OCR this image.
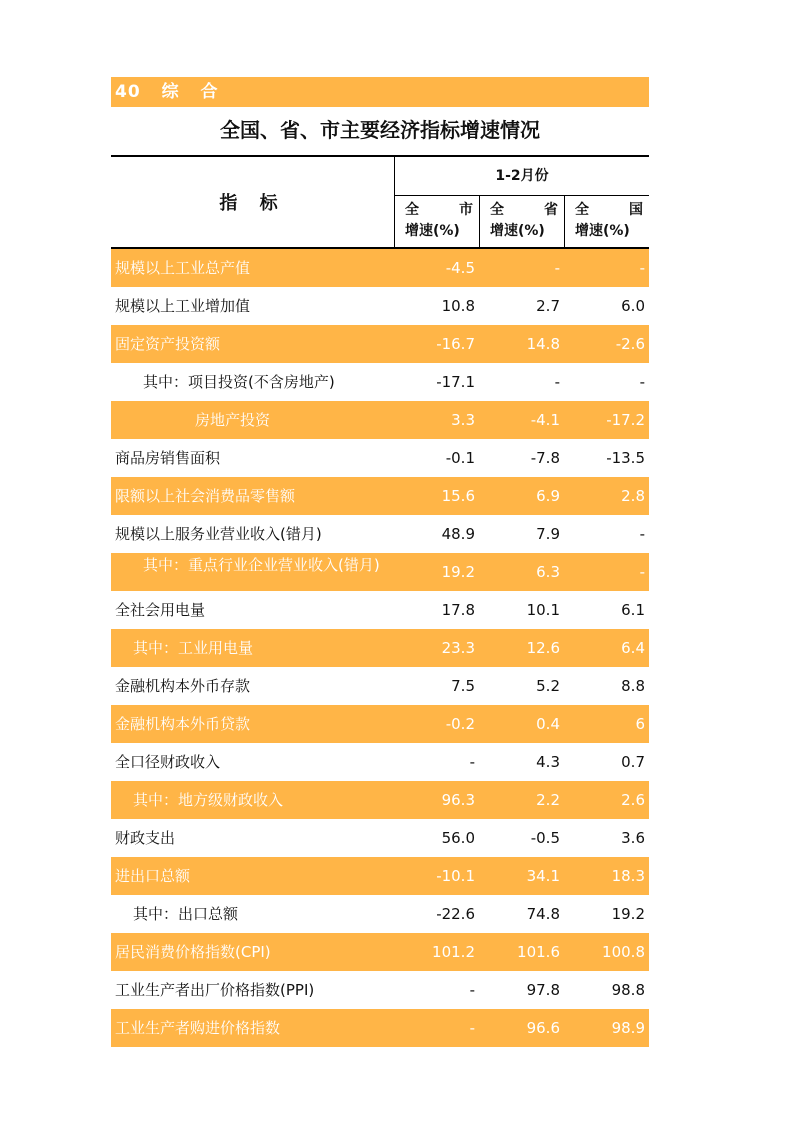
40 综 合
全国、省、市主要经济指标增速情况
指 标
1-2月份
全	市
增速(%)
全	省
增速(%)
全	国
增速(%)
规模以上工业总产值	-4.5	-	-
规模以上工业增加值	10.8	2.7	6.0
固定资产投资额	-16.7	14.8	-2.6
其中：项目投资(不含房地产)	-17.1	-	-
房地产投资	3.3	-4.1	-17.2
商品房销售面积	-0.1	-7.8	-13.5
限额以上社会消费品零售额	15.6	6.9	2.8
规模以上服务业营业收入(错月)	48.9	7.9	-
其中：重点行业企业营业收入(错月)	19.2	6.3	-
全社会用电量	17.8	10.1	6.1
其中：工业用电量	23.3	12.6	6.4
金融机构本外币存款	7.5	5.2	8.8
金融机构本外币贷款	-0.2	0.4	6
全口径财政收入	-	4.3	0.7
其中：地方级财政收入	96.3	2.2	2.6
财政支出	56.0	-0.5	3.6
进出口总额	-10.1	34.1	18.3
其中：出口总额	-22.6	74.8	19.2
居民消费价格指数(CPI)	101.2	101.6	100.8
工业生产者出厂价格指数(PPI)	-	97.8	98.8
工业生产者购进价格指数	-	96.6	98.9
